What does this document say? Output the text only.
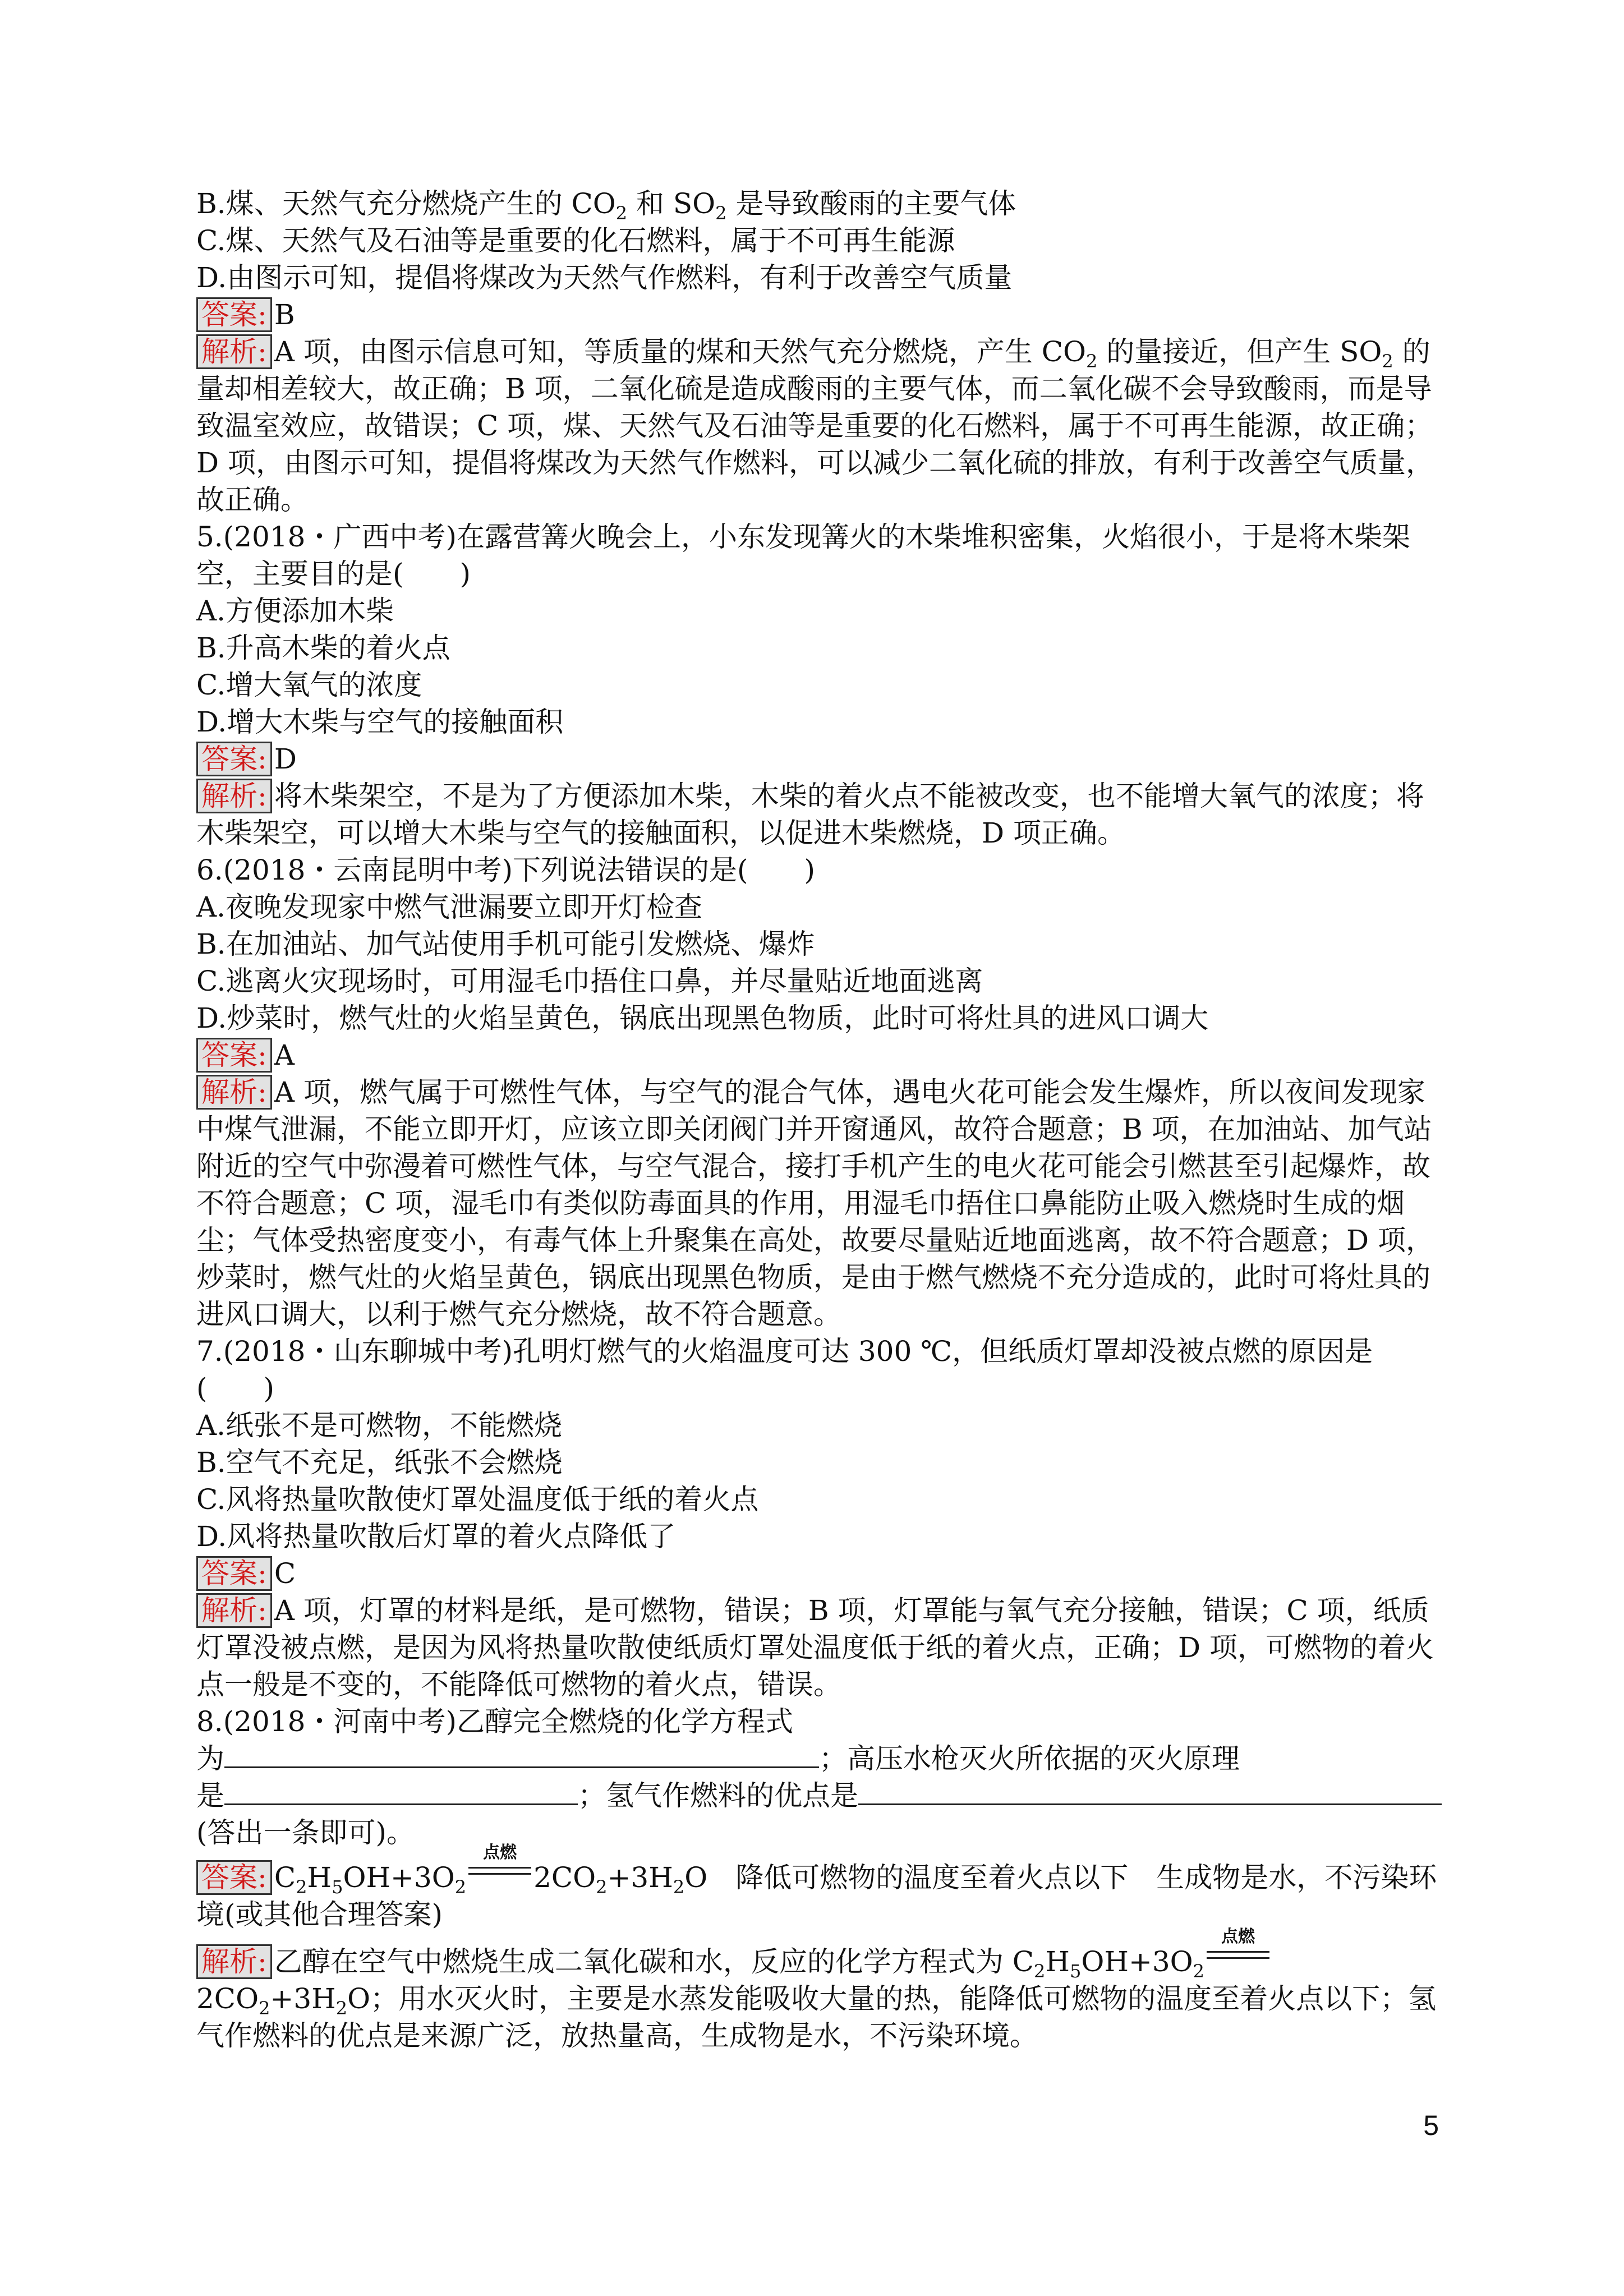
B.煤、天然气充分燃烧产生的 $CO_2$ 和 $SO_2$ 是导致酸雨的主要气体
C.煤、天然气及石油等是重要的化石燃料，属于不可再生能源
D.由图示可知，提倡将煤改为天然气作燃料，有利于改善空气质量
答案: B
解析: A 项，由图示信息可知，等质量的煤和天然气充分燃烧，产生 $CO_2$ 的量接近，但产生 $SO_2$ 的量却相差较大，故正确；B 项，二氧化硫是造成酸雨的主要气体，而二氧化碳不会导致酸雨，而是导致温室效应，故错误；C 项，煤、天然气及石油等是重要的化石燃料，属于不可再生能源，故正确；D 项，由图示可知，提倡将煤改为天然气作燃料，可以减少二氧化硫的排放，有利于改善空气质量，故正确。
5.(2018・广西中考)在露营篝火晚会上，小东发现篝火的木柴堆积密集，火焰很小，于是将木柴架空，主要目的是(　　)
A.方便添加木柴
B.升高木柴的着火点
C.增大氧气的浓度
D.增大木柴与空气的接触面积
答案: D
解析: 将木柴架空，不是为了方便添加木柴，木柴的着火点不能被改变，也不能增大氧气的浓度；将木柴架空，可以增大木柴与空气的接触面积，以促进木柴燃烧，D 项正确。
6.(2018・云南昆明中考)下列说法错误的是(　　)
A.夜晚发现家中燃气泄漏要立即开灯检查
B.在加油站、加气站使用手机可能引发燃烧、爆炸
C.逃离火灾现场时，可用湿毛巾捂住口鼻，并尽量贴近地面逃离
D.炒菜时，燃气灶的火焰呈黄色，锅底出现黑色物质，此时可将灶具的进风口调大
答案: A
解析: A 项，燃气属于可燃性气体，与空气的混合气体，遇电火花可能会发生爆炸，所以夜间发现家中煤气泄漏，不能立即开灯，应该立即关闭阀门并开窗通风，故符合题意；B 项，在加油站、加气站附近的空气中弥漫着可燃性气体，与空气混合，接打手机产生的电火花可能会引燃甚至引起爆炸，故不符合题意；C 项，湿毛巾有类似防毒面具的作用，用湿毛巾捂住口鼻能防止吸入燃烧时生成的烟尘；气体受热密度变小，有毒气体上升聚集在高处，故要尽量贴近地面逃离，故不符合题意；D 项，炒菜时，燃气灶的火焰呈黄色，锅底出现黑色物质，是由于燃气燃烧不充分造成的，此时可将灶具的进风口调大，以利于燃气充分燃烧，故不符合题意。
7.(2018・山东聊城中考)孔明灯燃气的火焰温度可达 300 ℃，但纸质灯罩却没被点燃的原因是(　　)
A.纸张不是可燃物，不能燃烧
B.空气不充足，纸张不会燃烧
C.风将热量吹散使灯罩处温度低于纸的着火点
D.风将热量吹散后灯罩的着火点降低了
答案: C
解析: A 项，灯罩的材料是纸，是可燃物，错误；B 项，灯罩能与氧气充分接触，错误；C 项，纸质灯罩没被点燃，是因为风将热量吹散使纸质灯罩处温度低于纸的着火点，正确；D 项，可燃物的着火点一般是不变的，不能降低可燃物的着火点，错误。
8.(2018・河南中考)乙醇完全燃烧的化学方程式
为	；高压水枪灭火所依据的灭火原理
是	；氢气作燃料的优点是
(答出一条即可)。
答案: $C_2H_5OH+3O_2$
点燃
$2CO_2+3H_2O$　降低可燃物的温度至着火点以下　生成物是水，不污染环境(或其他合理答案)
解析: 乙醇在空气中燃烧生成二氧化碳和水，反应的化学方程式为 $C_2H_5OH+3O_2$
点燃
$2CO_2+3H_2O$；用水灭火时，主要是水蒸发能吸收大量的热，能降低可燃物的温度至着火点以下；氢气作燃料的优点是来源广泛，放热量高，生成物是水，不污染环境。
5
